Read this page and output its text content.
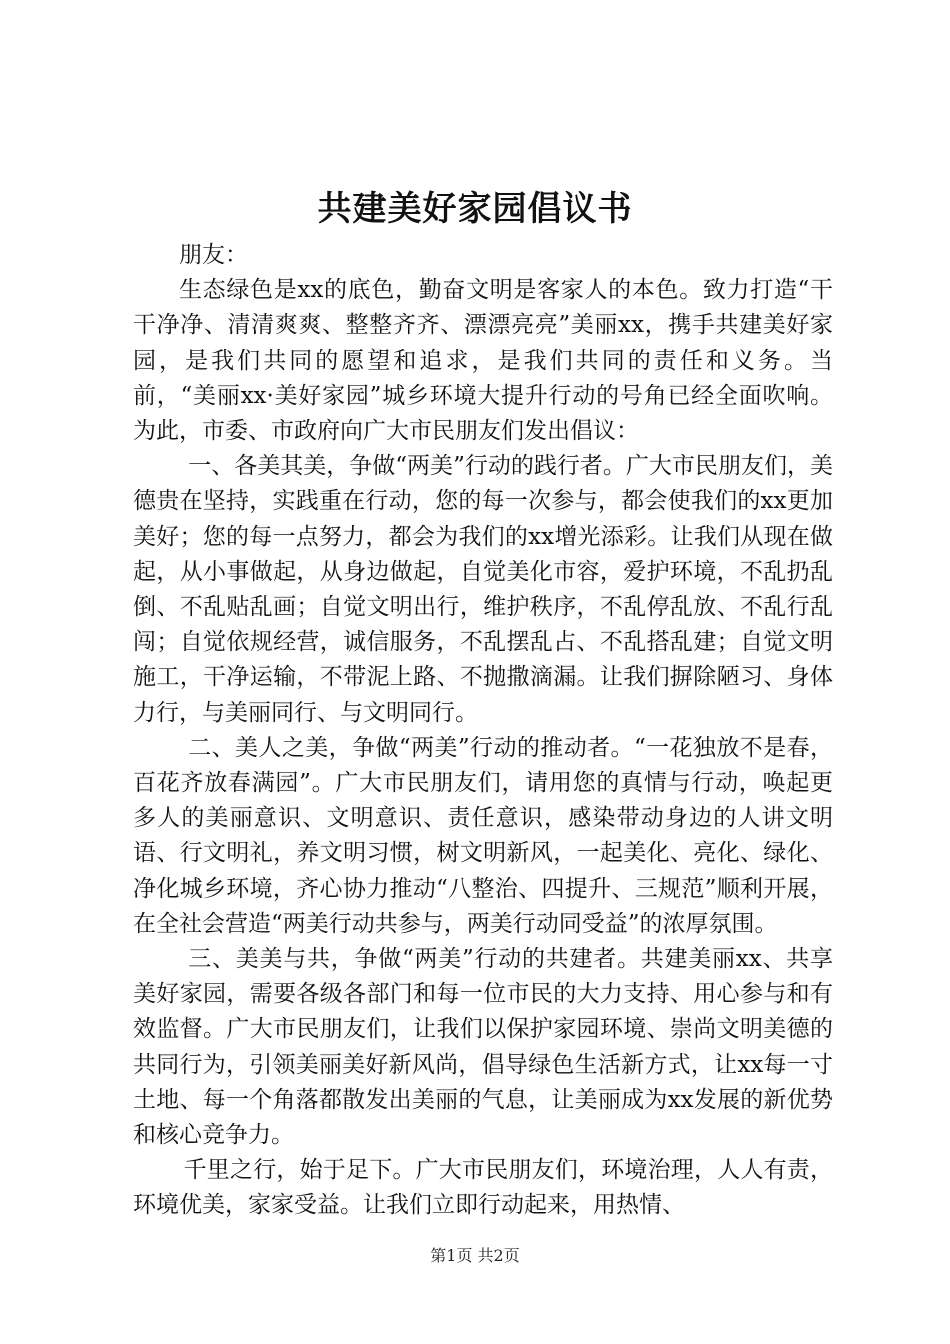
共建美好家园倡议书

朋友：

生态绿色是xx的底色，勤奋文明是客家人的本色。致力打造“干干净净、清清爽爽、整整齐齐、漂漂亮亮”美丽xx，携手共建美好家园，是我们共同的愿望和追求，是我们共同的责任和义务。当前，“美丽xx·美好家园”城乡环境大提升行动的号角已经全面吹响。为此，市委、市政府向广大市民朋友们发出倡议：

一、各美其美，争做“两美”行动的践行者。广大市民朋友们，美德贵在坚持，实践重在行动，您的每一次参与，都会使我们的xx更加美好；您的每一点努力，都会为我们的xx增光添彩。让我们从现在做起，从小事做起，从身边做起，自觉美化市容，爱护环境，不乱扔乱倒、不乱贴乱画；自觉文明出行，维护秩序，不乱停乱放、不乱行乱闯；自觉依规经营，诚信服务，不乱摆乱占、不乱搭乱建；自觉文明施工，干净运输，不带泥上路、不抛撒滴漏。让我们摒除陋习、身体力行，与美丽同行、与文明同行。

二、美人之美，争做“两美”行动的推动者。“一花独放不是春，百花齐放春满园”。广大市民朋友们，请用您的真情与行动，唤起更多人的美丽意识、文明意识、责任意识，感染带动身边的人讲文明语、行文明礼，养文明习惯，树文明新风，一起美化、亮化、绿化、净化城乡环境，齐心协力推动“八整治、四提升、三规范”顺利开展，在全社会营造“两美行动共参与，两美行动同受益”的浓厚氛围。

三、美美与共，争做“两美”行动的共建者。共建美丽xx、共享美好家园，需要各级各部门和每一位市民的大力支持、用心参与和有效监督。广大市民朋友们，让我们以保护家园环境、崇尚文明美德的共同行为，引领美丽美好新风尚，倡导绿色生活新方式，让xx每一寸土地、每一个角落都散发出美丽的气息，让美丽成为xx发展的新优势和核心竞争力。

千里之行，始于足下。广大市民朋友们，环境治理，人人有责，环境优美，家家受益。让我们立即行动起来，用热情、

第1页 共2页
